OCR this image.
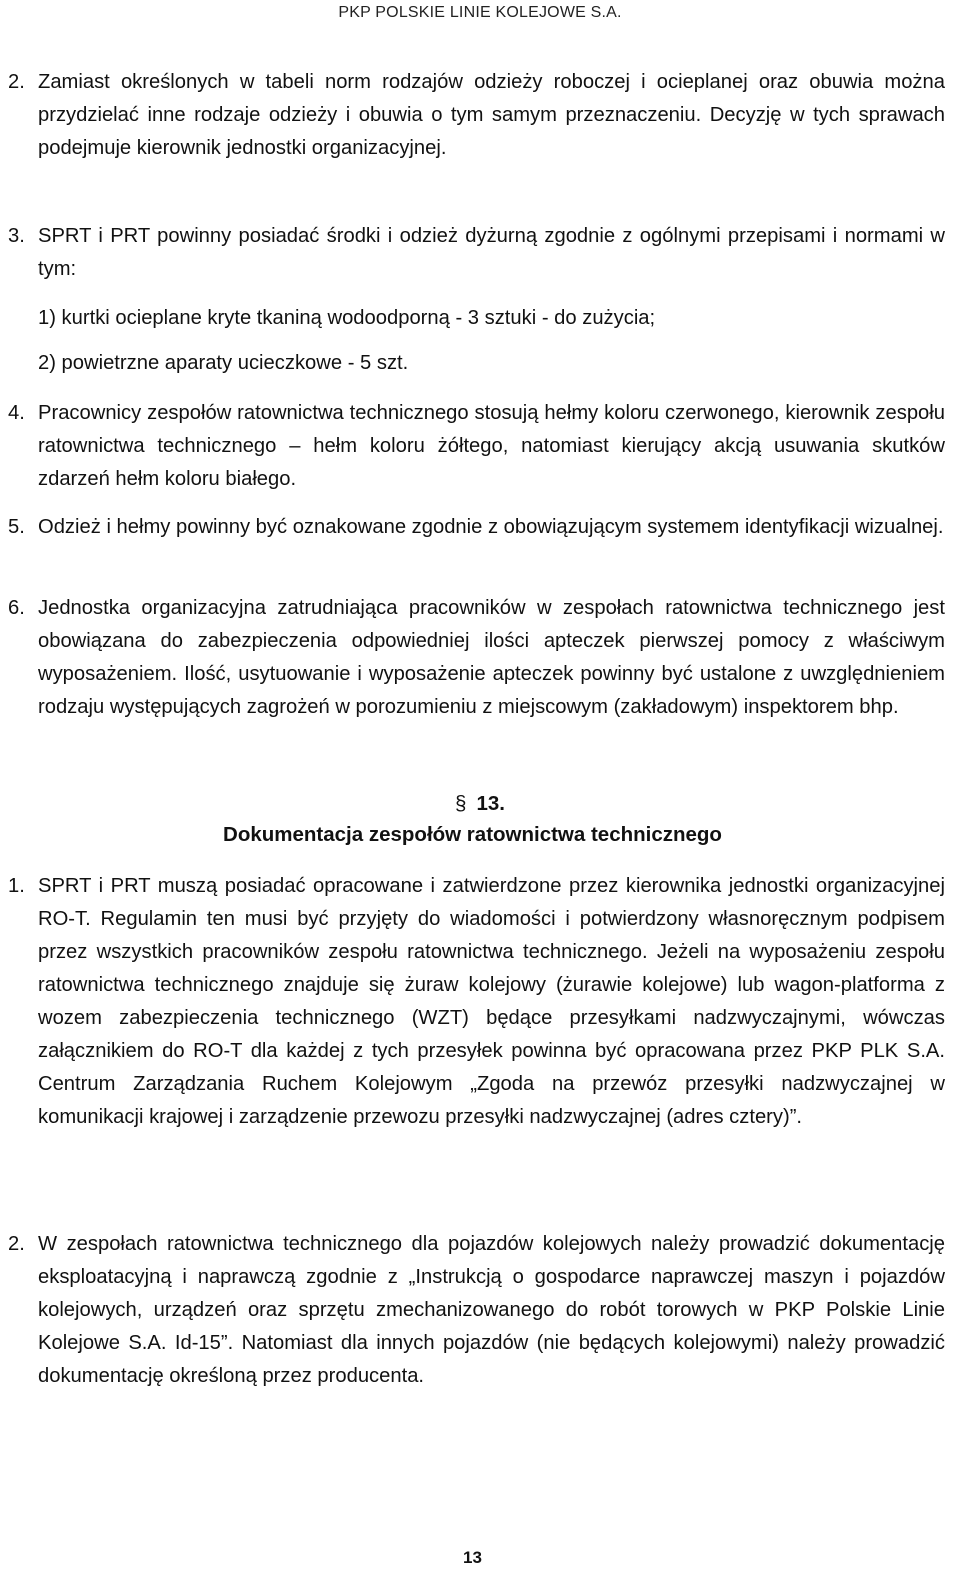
PKP POLSKIE LINIE KOLEJOWE S.A.
2. Zamiast określonych w tabeli norm rodzajów odzieży roboczej i ocieplanej oraz obuwia można przydzielać inne rodzaje odzieży i obuwia o tym samym przeznaczeniu. Decyzję w tych sprawach podejmuje kierownik jednostki organizacyjnej.
3. SPRT i PRT powinny posiadać środki i odzież dyżurną zgodnie z ogólnymi przepisami i normami w tym:
1) kurtki ocieplane kryte tkaniną wodoodporną - 3 sztuki - do zużycia;
2) powietrzne aparaty ucieczkowe - 5 szt.
4. Pracownicy zespołów ratownictwa technicznego stosują hełmy koloru czerwonego, kierownik zespołu ratownictwa technicznego – hełm koloru żółtego, natomiast kierujący akcją usuwania skutków zdarzeń hełm koloru białego.
5. Odzież i hełmy powinny być oznakowane zgodnie z obowiązującym systemem identyfikacji wizualnej.
6. Jednostka organizacyjna zatrudniająca pracowników w zespołach ratownictwa technicznego jest obowiązana do zabezpieczenia odpowiedniej ilości apteczek pierwszej pomocy z właściwym wyposażeniem. Ilość, usytuowanie i wyposażenie apteczek powinny być ustalone z uwzględnieniem rodzaju występujących zagrożeń w porozumieniu z miejscowym (zakładowym) inspektorem bhp.
§ 13.
Dokumentacja zespołów ratownictwa technicznego
1. SPRT i PRT muszą posiadać opracowane i zatwierdzone przez kierownika jednostki organizacyjnej RO-T. Regulamin ten musi być przyjęty do wiadomości i potwierdzony własnoręcznym podpisem przez wszystkich pracowników zespołu ratownictwa technicznego. Jeżeli na wyposażeniu zespołu ratownictwa technicznego znajduje się żuraw kolejowy (żurawie kolejowe) lub wagon-platforma z wozem zabezpieczenia technicznego (WZT) będące przesyłkami nadzwyczajnymi, wówczas załącznikiem do RO-T dla każdej z tych przesyłek powinna być opracowana przez PKP PLK S.A. Centrum Zarządzania Ruchem Kolejowym „Zgoda na przewóz przesyłki nadzwyczajnej w komunikacji krajowej i zarządzenie przewozu przesyłki nadzwyczajnej (adres cztery)”.
2. W zespołach ratownictwa technicznego dla pojazdów kolejowych należy prowadzić dokumentację eksploatacyjną i naprawczą zgodnie z „Instrukcją o gospodarce naprawczej maszyn i pojazdów kolejowych, urządzeń oraz sprzętu zmechanizowanego do robót torowych w PKP Polskie Linie Kolejowe S.A. Id-15”. Natomiast dla innych pojazdów (nie będących kolejowymi) należy prowadzić dokumentację określoną przez producenta.
13
